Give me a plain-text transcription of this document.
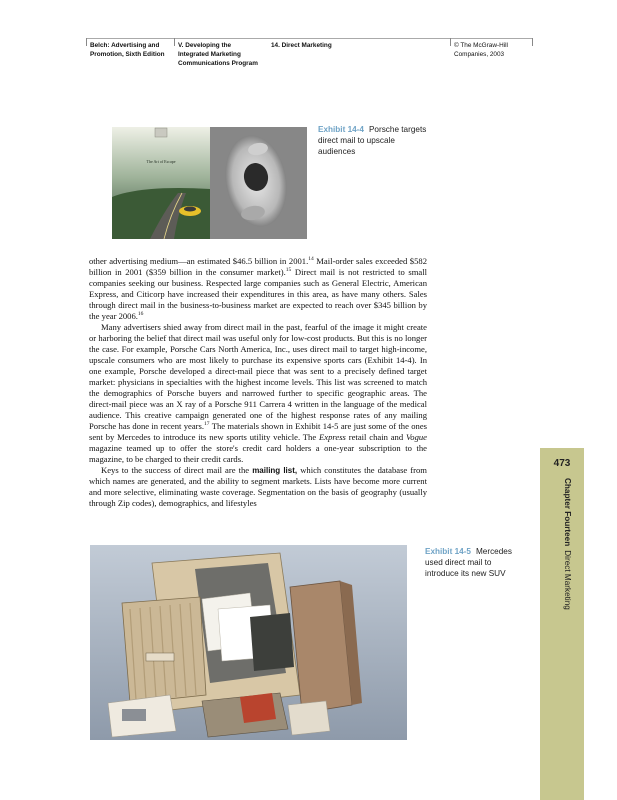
Belch: Advertising and
Promotion, Sixth Edition
V. Developing the
Integrated Marketing
Communications Program
14. Direct Marketing	© The McGraw-Hill
Companies, 2003
The Art of Escape
Exhibit 14-4 Porsche targets direct mail to upscale audiences

other advertising medium—an estimated $46.5 billion in 2001.14 Mail-order sales exceeded $582 billion in 2001 ($359 billion in the consumer market).$^{15}$ Direct mail is not restricted to small companies seeking our business. Respected large companies such as General Electric, American Express, and Citicorp have increased their expenditures in this area, as have many others. Sales through direct mail in the business-to-business market are expected to reach over $345 billion by the year 2006.16

Many advertisers shied away from direct mail in the past, fearful of the image it might create or harboring the belief that direct mail was useful only for low-cost products. But this is no longer the case. For example, Porsche Cars North America, Inc., uses direct mail to target high-income, upscale consumers who are most likely to purchase its expensive sports cars (Exhibit 14-4). In one example, Porsche developed a direct-mail piece that was sent to a precisely defined target market: physicians in specialties with the highest income levels. This list was screened to match the demographics of Porsche buyers and narrowed further to specific geographic areas. The direct-mail piece was an X ray of a Porsche 911 Carrera 4 written in the language of the medical audience. This creative campaign generated one of the highest response rates of any mailing Porsche has done in recent years.$^{17}$ The materials shown in Exhibit 14-5 are just some of the ones sent by Mercedes to introduce its new sports utility vehicle. The Express retail chain and Vogue magazine teamed up to offer the store's credit card holders a one-year subscription to the magazine, to be charged to their credit cards.

Keys to the success of direct mail are the mailing list, which constitutes the database from which names are generated, and the ability to segment markets. Lists have become more current and more selective, eliminating waste coverage. Segmentation on the basis of geography (usually through Zip codes), demographics, and lifestyles

Exhibit 14-5 Mercedes used direct mail to introduce its new SUV
473
Chapter FourteenDirect Marketing
